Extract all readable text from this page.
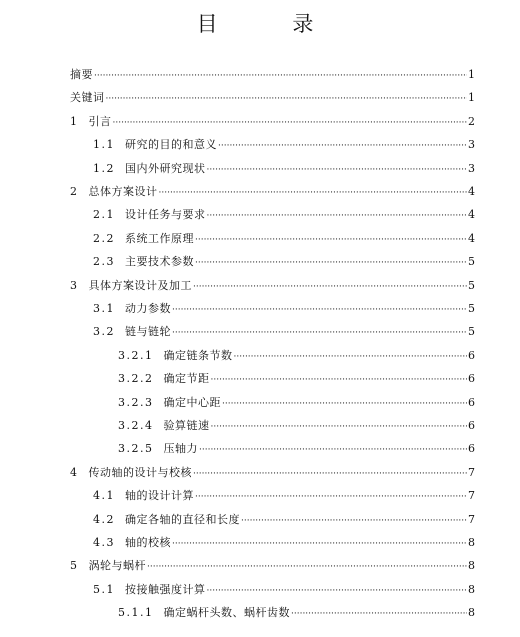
目 录
摘要 ·····	1
关键词 ·····	1
1 引言 ·····	2
1.1 研究的目的和意义 ·····	3
1.2 国内外研究现状 ·····	3
2 总体方案设计 ·····	4
2.1 设计任务与要求 ·····	4
2.2 系统工作原理 ·····	4
2.3 主要技术参数 ·····	5
3 具体方案设计及加工 ·····	5
3.1 动力参数 ·····	5
3.2 链与链轮 ·····	5
3.2.1 确定链条节数 ·····	6
3.2.2 确定节距 ·····	6
3.2.3 确定中心距 ·····	6
3.2.4 验算链速 ·····	6
3.2.5 压轴力 ·····	6
4 传动轴的设计与校核 ·····	7
4.1 轴的设计计算 ·····	7
4.2 确定各轴的直径和长度 ·····	7
4.3 轴的校核 ·····	8
5 涡轮与蜗杆 ·····	8
5.1 按接触强度计算 ·····	8
5.1.1 确定蜗杆头数、蜗杆齿数 ·····	8
